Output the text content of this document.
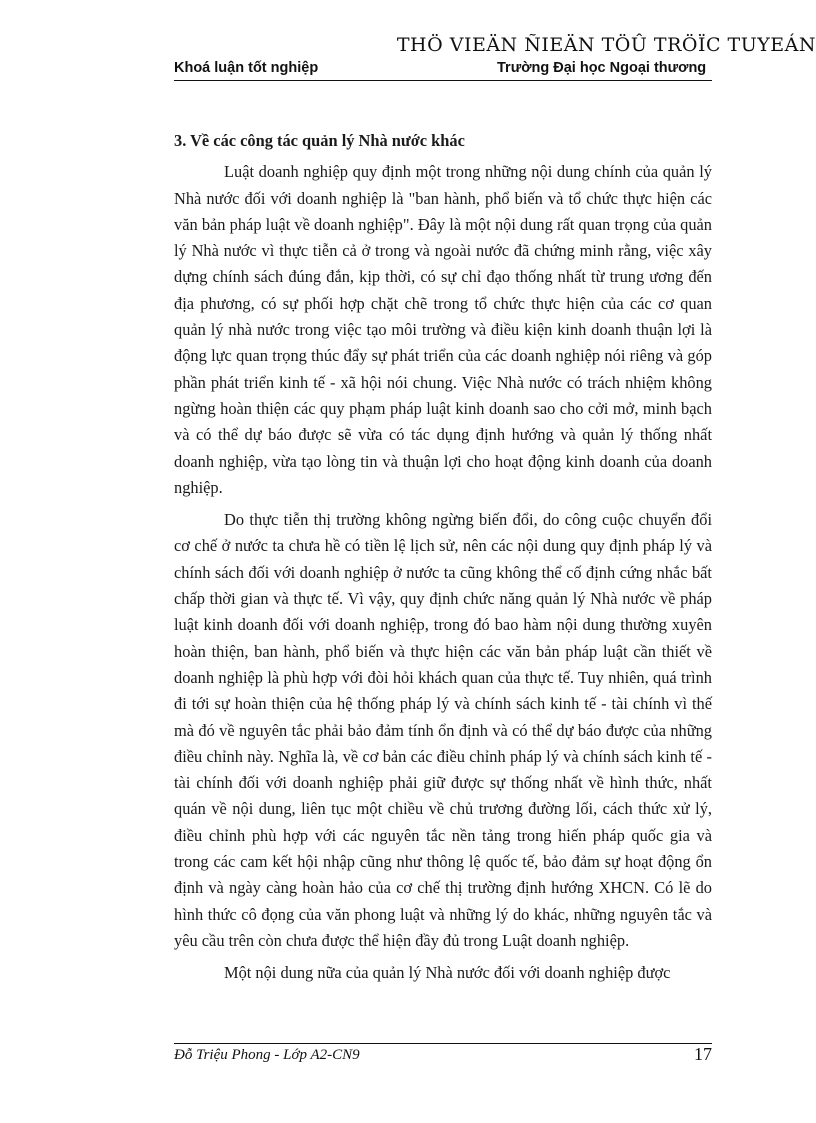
THÖ VIEÄN ÑIEÄN TÖÛ TRÖÏC TUYEÁN
Khoá luận tốt nghiệp	Trường Đại học Ngoại thương

3. Về các công tác quản lý Nhà nước khác

Luật doanh nghiệp quy định một trong những nội dung chính của quản lý Nhà nước đối với doanh nghiệp là "ban hành, phổ biến và tổ chức thực hiện các văn bản pháp luật về doanh nghiệp". Đây là một nội dung rất quan trọng của quản lý Nhà nước vì thực tiễn cả ở trong và ngoài nước đã chứng minh rằng, việc xây dựng chính sách đúng đắn, kịp thời, có sự chỉ đạo thống nhất từ trung ương đến địa phương, có sự phối hợp chặt chẽ trong tổ chức thực hiện của các cơ quan quản lý nhà nước trong việc tạo môi trường và điều kiện kinh doanh thuận lợi là động lực quan trọng thúc đẩy sự phát triển của các doanh nghiệp nói riêng và góp phần phát triển kinh tế - xã hội nói chung. Việc Nhà nước có trách nhiệm không ngừng hoàn thiện các quy phạm pháp luật kinh doanh sao cho cởi mở, minh bạch và có thể dự báo được sẽ vừa có tác dụng định hướng và quản lý thống nhất doanh nghiệp, vừa tạo lòng tin và thuận lợi cho hoạt động kinh doanh của doanh nghiệp.

Do thực tiễn thị trường không ngừng biến đổi, do công cuộc chuyển đổi cơ chế ở nước ta chưa hề có tiền lệ lịch sử, nên các nội dung quy định pháp lý và chính sách đối với doanh nghiệp ở nước ta cũng không thể cố định cứng nhắc bất chấp thời gian và thực tế. Vì vậy, quy định chức năng quản lý Nhà nước về pháp luật kinh doanh đối với doanh nghiệp, trong đó bao hàm nội dung thường xuyên hoàn thiện, ban hành, phổ biến và thực hiện các văn bản pháp luật cần thiết về doanh nghiệp là phù hợp với đòi hỏi khách quan của thực tế. Tuy nhiên, quá trình đi tới sự hoàn thiện của hệ thống pháp lý và chính sách kinh tế - tài chính vì thế mà đó về nguyên tắc phải bảo đảm tính ổn định và có thể dự báo được của những điều chỉnh này. Nghĩa là, về cơ bản các điều chỉnh pháp lý và chính sách kinh tế - tài chính đối với doanh nghiệp phải giữ được sự thống nhất về hình thức, nhất quán về nội dung, liên tục một chiều về chủ trương đường lối, cách thức xử lý, điều chỉnh phù hợp với các nguyên tắc nền tảng trong hiến pháp quốc gia và trong các cam kết hội nhập cũng như thông lệ quốc tế, bảo đảm sự hoạt động ổn định và ngày càng hoàn hảo của cơ chế thị trường định hướng XHCN. Có lẽ do hình thức cô đọng của văn phong luật và những lý do khác, những nguyên tắc và yêu cầu trên còn chưa được thể hiện đầy đủ trong Luật doanh nghiệp.

Một nội dung nữa của quản lý Nhà nước đối với doanh nghiệp được

Đỗ Triệu Phong - Lớp A2-CN9	17
